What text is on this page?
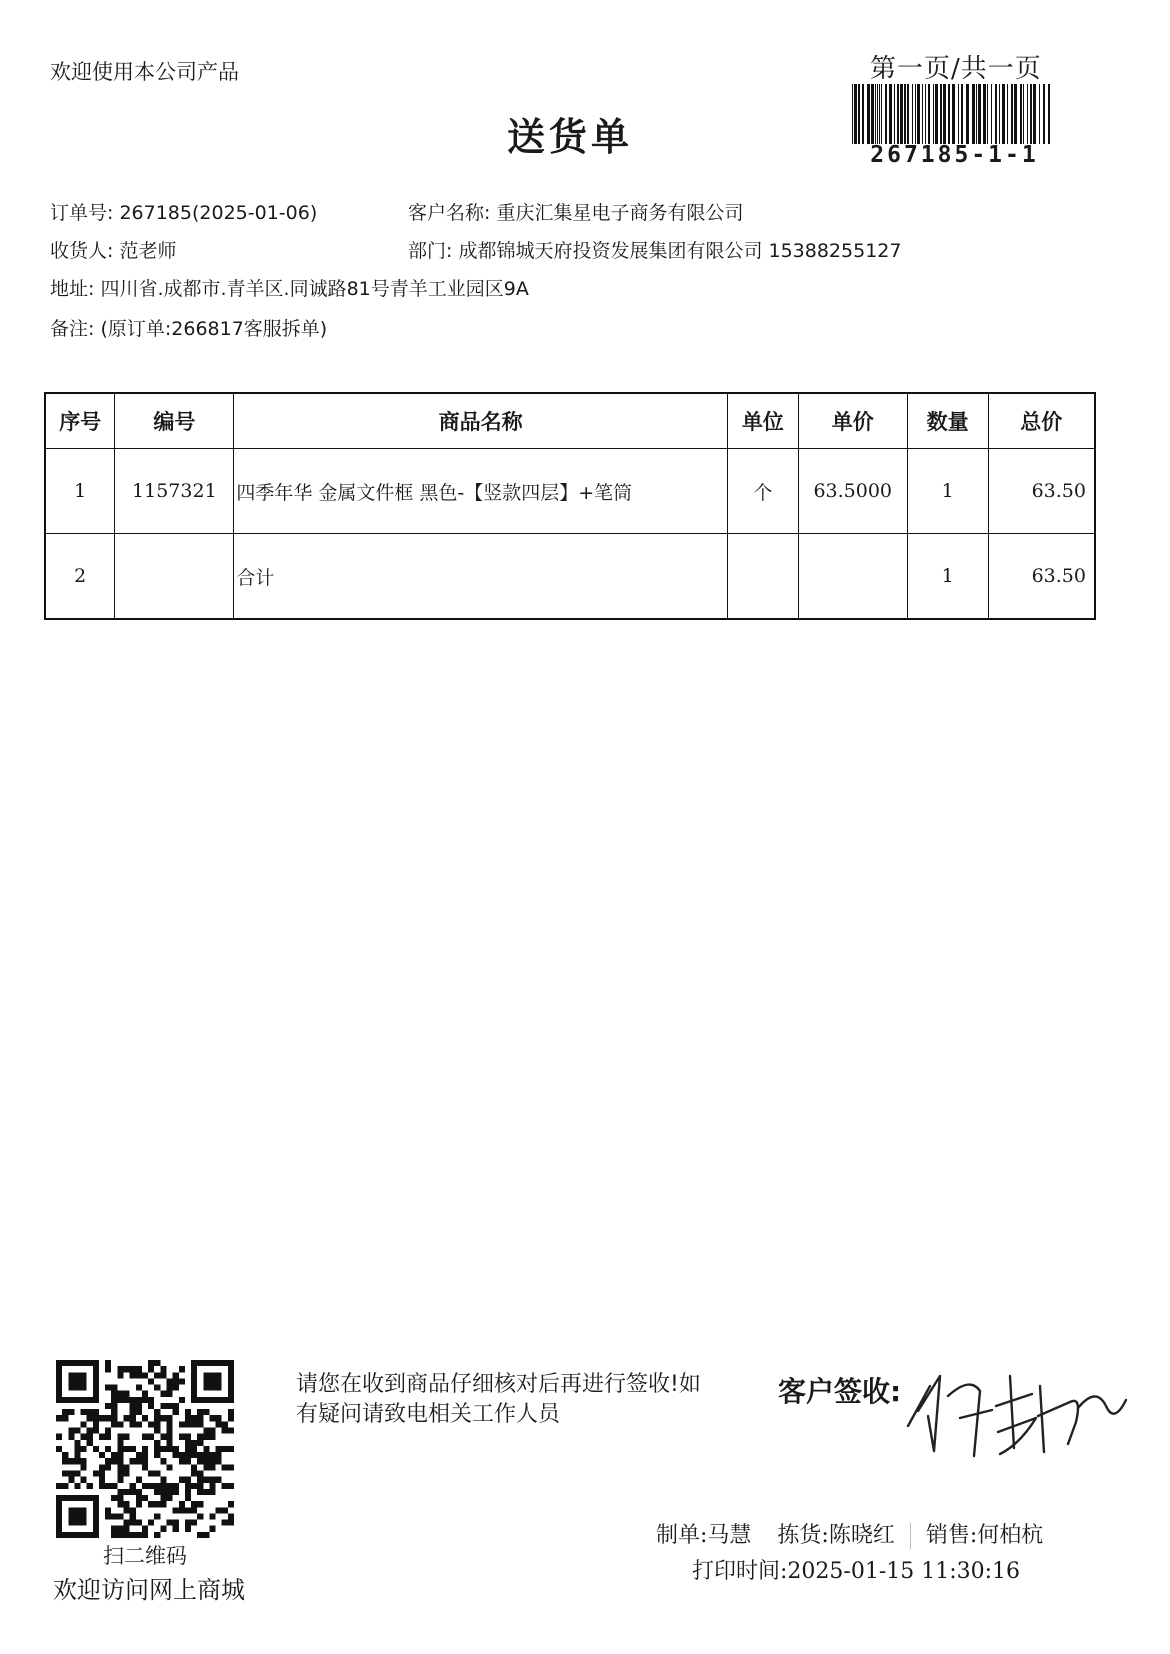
欢迎使用本公司产品	第一页/共一页
267185-1-1
送货单
订单号: 267185(2025-01-06)	客户名称: 重庆汇集星电子商务有限公司
收货人: 范老师	部门: 成都锦城天府投资发展集团有限公司 15388255127
地址: 四川省.成都市.青羊区.同诚路81号青羊工业园区9A
备注: (原订单:266817客服拆单)
序号	编号	商品名称	单位	单价	数量	总价
1	1157321	四季年华 金属文件框 黑色-【竖款四层】+笔筒	个	63.5000	1	63.50
2		合计			1	63.50
扫二维码
欢迎访问网上商城
请您在收到商品仔细核对后再进行签收!如有疑问请致电相关工作人员
客户签收:
制单:马慧 拣货:陈晓红 销售:何柏杭
打印时间:2025-01-15 11:30:16
